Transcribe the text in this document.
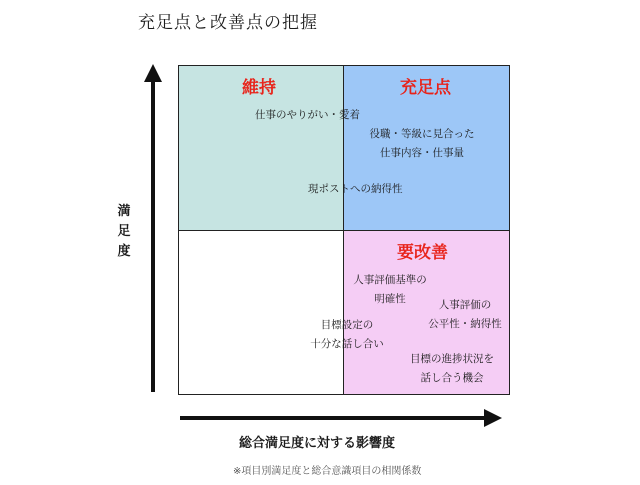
充足点と改善点の把握
維持	充足点
要改善
仕事のやりがい・愛着
役職・等級に見合った
仕事内容・仕事量
現ポストへの納得性
人事評価基準の
明確性	人事評価の
公平性・納得性
目標設定の
十分な話し合い
目標の進捗状況を
話し合う機会
満足度
総合満足度に対する影響度
※項目別満足度と総合意識項目の相関係数
